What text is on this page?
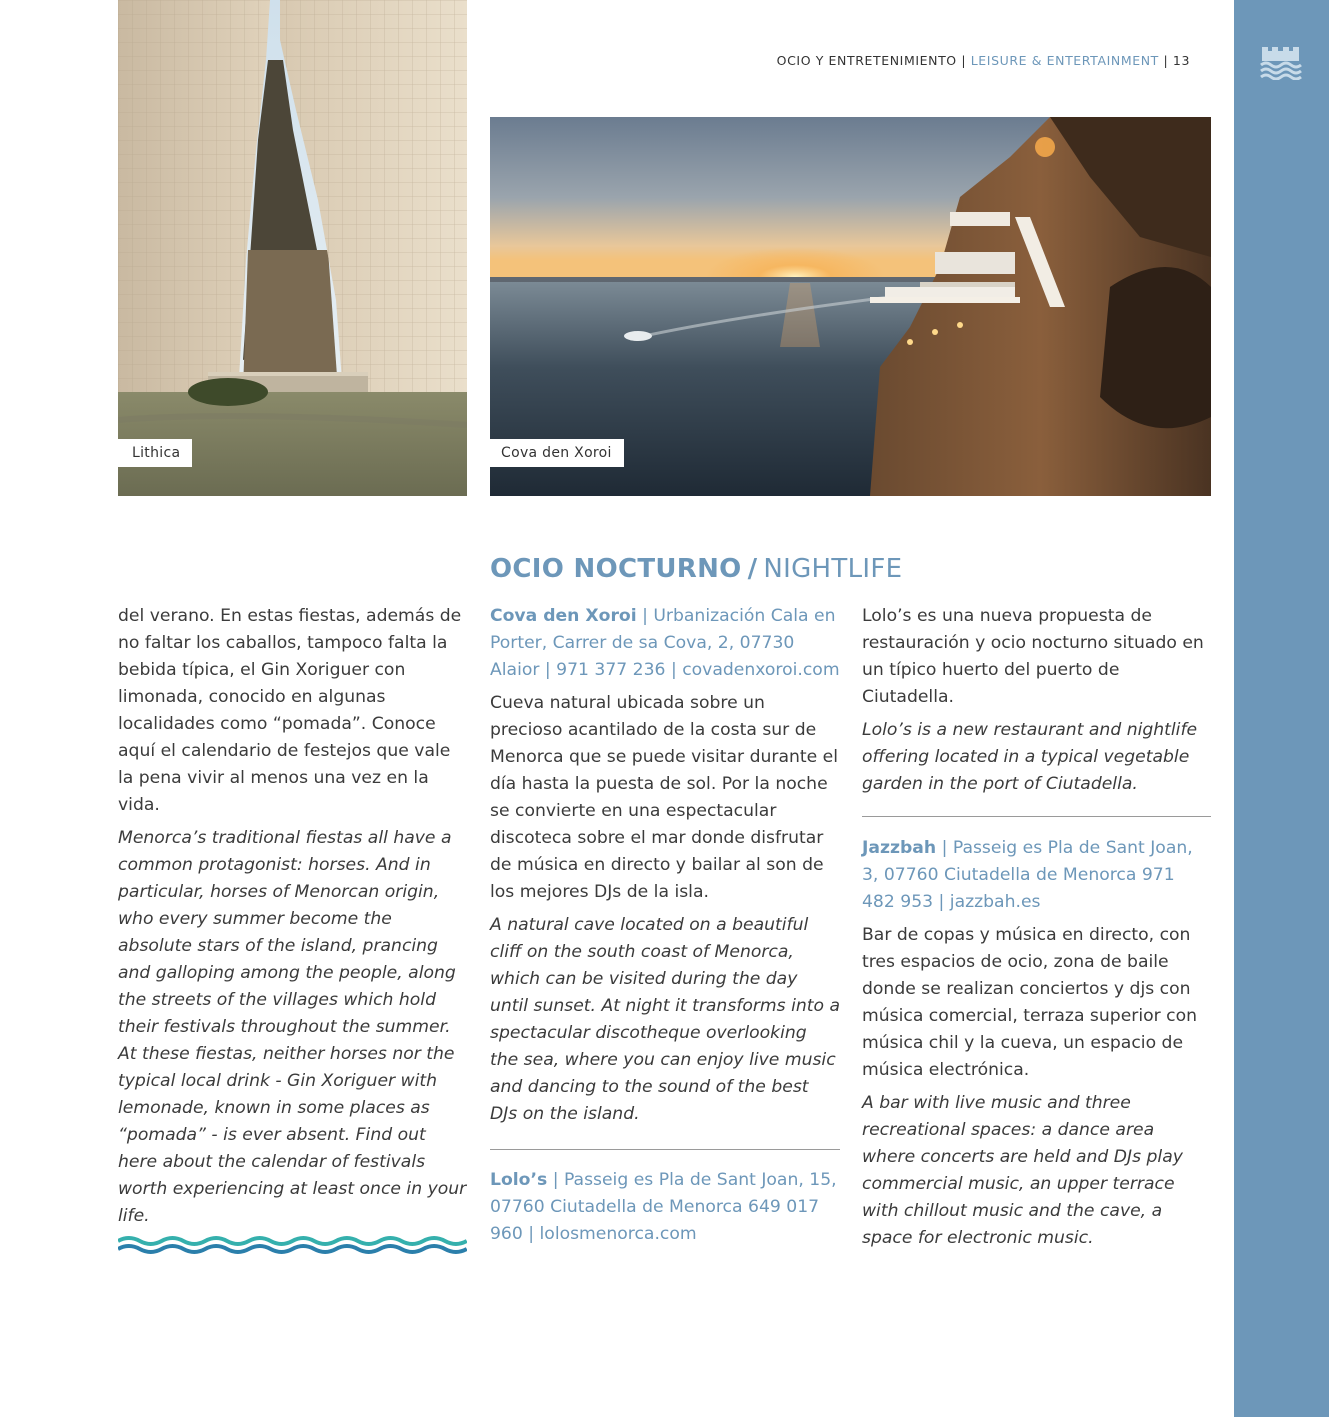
OCIO Y ENTRETENIMIENTO | LEISURE & ENTERTAINMENT | 13
Lithica	Cova den Xoroi
OCIO NOCTURNO / NIGHTLIFE

del verano. En estas fiestas, además de no faltar los caballos, tampoco falta la bebida típica, el Gin Xoriguer con limonada, conocido en algunas localidades como “pomada”. Conoce aquí el calendario de festejos que vale la pena vivir al menos una vez en la vida.

Menorca’s traditional fiestas all have a common protagonist: horses. And in particular, horses of Menorcan origin, who every summer become the absolute stars of the island, prancing and galloping among the people, along the streets of the villages which hold their festivals throughout the summer. At these fiestas, neither horses nor the typical local drink - Gin Xoriguer with lemonade, known in some places as “pomada” - is ever absent. Find out here about the calendar of festivals worth experiencing at least once in your life.

Cova den Xoroi | Urbanización Cala en Porter, Carrer de sa Cova, 2, 07730 Alaior | 971 377 236 | covadenxoroi.com

Cueva natural ubicada sobre un precioso acantilado de la costa sur de Menorca que se puede visitar durante el día hasta la puesta de sol. Por la noche se convierte en una espectacular discoteca sobre el mar donde disfrutar de música en directo y bailar al son de los mejores DJs de la isla.

A natural cave located on a beautiful cliff on the south coast of Menorca, which can be visited during the day until sunset. At night it transforms into a spectacular discotheque overlooking the sea, where you can enjoy live music and dancing to the sound of the best DJs on the island.

Lolo’s | Passeig es Pla de Sant Joan, 15, 07760 Ciutadella de Menorca 649 017 960 | lolosmenorca.com

Lolo’s es una nueva propuesta de restauración y ocio nocturno situado en un típico huerto del puerto de Ciutadella.

Lolo’s is a new restaurant and nightlife offering located in a typical vegetable garden in the port of Ciutadella.

Jazzbah | Passeig es Pla de Sant Joan, 3, 07760 Ciutadella de Menorca 971 482 953 | jazzbah.es

Bar de copas y música en directo, con tres espacios de ocio, zona de baile donde se realizan conciertos y djs con música comercial, terraza superior con música chil y la cueva, un espacio de música electrónica.

A bar with live music and three recreational spaces: a dance area where concerts are held and DJs play commercial music, an upper terrace with chillout music and the cave, a space for electronic music.
